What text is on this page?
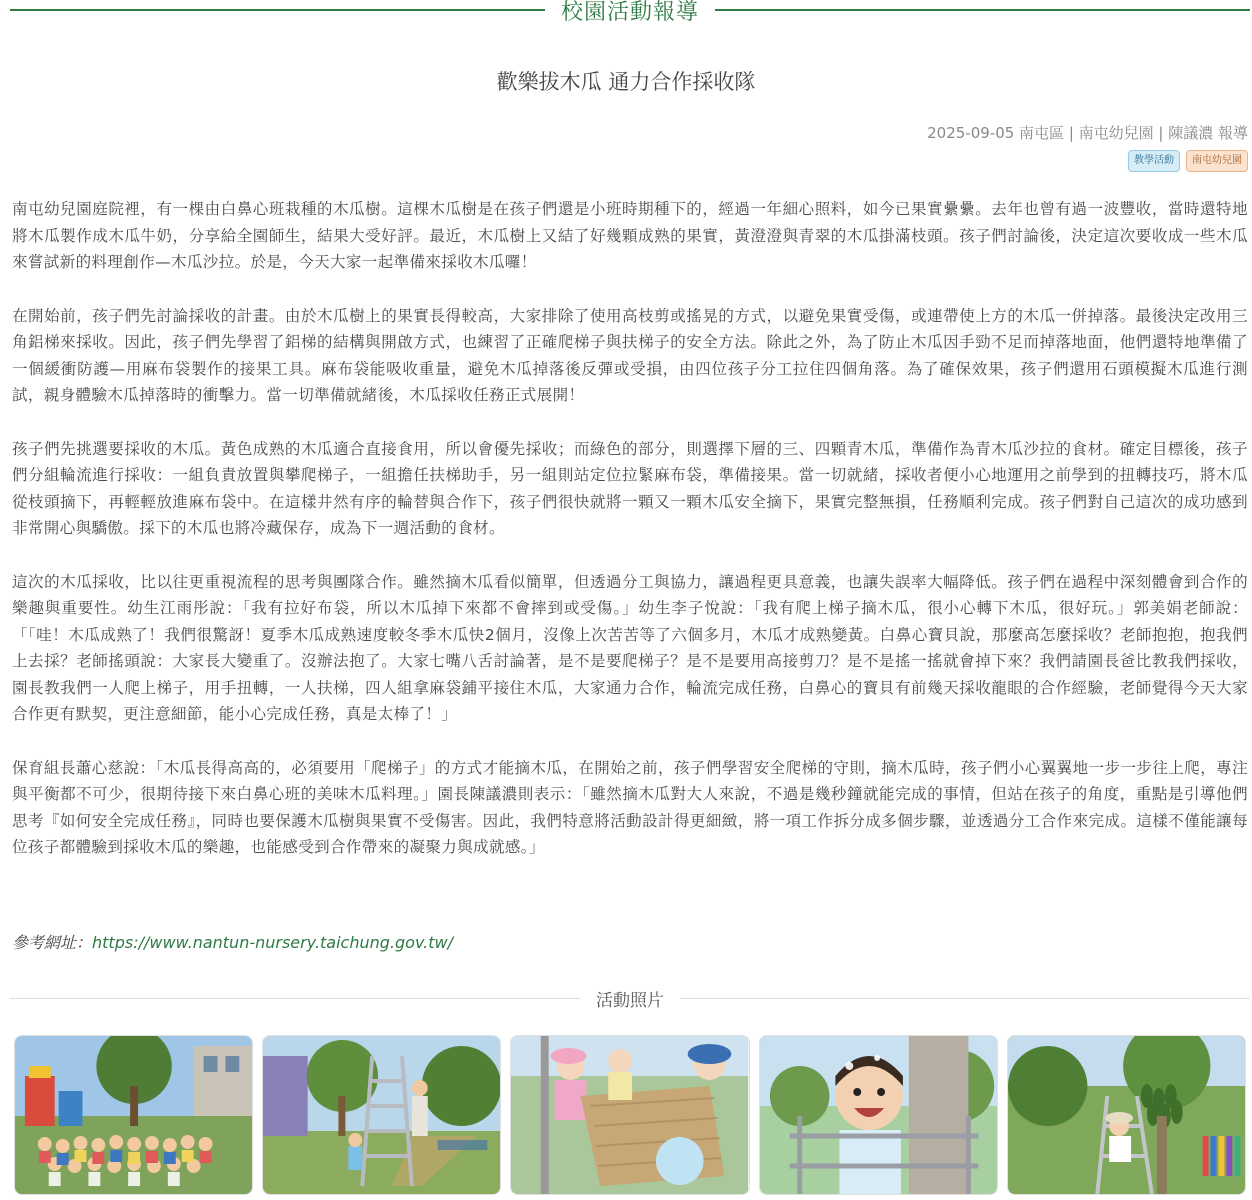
校園活動報導
歡樂拔木瓜 通力合作採收隊
2025-09-05 南屯區 | 南屯幼兒園 | 陳議濃 報導
教學活動	南屯幼兒園

南屯幼兒園庭院裡，有一棵由白鼻心班栽種的木瓜樹。這棵木瓜樹是在孩子們還是小班時期種下的，經過一年細心照料，如今已果實纍纍。去年也曾有過一波豐收，當時還特地將木瓜製作成木瓜牛奶，分享給全園師生，結果大受好評。最近，木瓜樹上又結了好幾顆成熟的果實，黃澄澄與青翠的木瓜掛滿枝頭。孩子們討論後，決定這次要收成一些木瓜來嘗試新的料理創作—木瓜沙拉。於是，今天大家一起準備來採收木瓜囉！

在開始前，孩子們先討論採收的計畫。由於木瓜樹上的果實長得較高，大家排除了使用高枝剪或搖晃的方式，以避免果實受傷，或連帶使上方的木瓜一併掉落。最後決定改用三角鋁梯來採收。因此，孩子們先學習了鋁梯的結構與開啟方式，也練習了正確爬梯子與扶梯子的安全方法。除此之外，為了防止木瓜因手勁不足而掉落地面，他們還特地準備了一個緩衝防護—用麻布袋製作的接果工具。麻布袋能吸收重量，避免木瓜掉落後反彈或受損，由四位孩子分工拉住四個角落。為了確保效果，孩子們還用石頭模擬木瓜進行測試，親身體驗木瓜掉落時的衝擊力。當一切準備就緒後，木瓜採收任務正式展開！

孩子們先挑選要採收的木瓜。黃色成熟的木瓜適合直接食用，所以會優先採收；而綠色的部分，則選擇下層的三、四顆青木瓜，準備作為青木瓜沙拉的食材。確定目標後，孩子們分組輪流進行採收：一組負責放置與攀爬梯子，一組擔任扶梯助手，另一組則站定位拉緊麻布袋，準備接果。當一切就緒，採收者便小心地運用之前學到的扭轉技巧，將木瓜從枝頭摘下，再輕輕放進麻布袋中。在這樣井然有序的輪替與合作下，孩子們很快就將一顆又一顆木瓜安全摘下，果實完整無損，任務順利完成。孩子們對自己這次的成功感到非常開心與驕傲。採下的木瓜也將冷藏保存，成為下一週活動的食材。

這次的木瓜採收，比以往更重視流程的思考與團隊合作。雖然摘木瓜看似簡單，但透過分工與協力，讓過程更具意義，也讓失誤率大幅降低。孩子們在過程中深刻體會到合作的樂趣與重要性。幼生江雨彤說：「我有拉好布袋，所以木瓜掉下來都不會摔到或受傷。」幼生李子悅說：「我有爬上梯子摘木瓜，很小心轉下木瓜，很好玩。」郭美娟老師說：「「哇！木瓜成熟了！我們很驚訝！夏季木瓜成熟速度較冬季木瓜快2個月，沒像上次苦苦等了六個多月，木瓜才成熟變黃。白鼻心寶貝說，那麼高怎麼採收？老師抱抱，抱我們上去採？老師搖頭說：大家長大變重了。沒辦法抱了。大家七嘴八舌討論著，是不是要爬梯子？是不是要用高接剪刀？是不是搖一搖就會掉下來？我們請園長爸比教我們採收，園長教我們一人爬上梯子，用手扭轉，一人扶梯，四人組拿麻袋鋪平接住木瓜，大家通力合作，輪流完成任務，白鼻心的寶貝有前幾天採收龍眼的合作經驗，老師覺得今天大家合作更有默契，更注意細節，能小心完成任務，真是太棒了！」

保育組長蕭心慈說：「木瓜長得高高的，必須要用「爬梯子」的方式才能摘木瓜，在開始之前，孩子們學習安全爬梯的守則，摘木瓜時，孩子們小心翼翼地一步一步往上爬，專注與平衡都不可少，很期待接下來白鼻心班的美味木瓜料理。」園長陳議濃則表示：「雖然摘木瓜對大人來說，不過是幾秒鐘就能完成的事情，但站在孩子的角度，重點是引導他們思考『如何安全完成任務』，同時也要保護木瓜樹與果實不受傷害。因此，我們特意將活動設計得更細緻，將一項工作拆分成多個步驟，並透過分工合作來完成。這樣不僅能讓每位孩子都體驗到採收木瓜的樂趣，也能感受到合作帶來的凝聚力與成就感。」

參考網址：https://www.nantun-nursery.taichung.gov.tw/
活動照片
